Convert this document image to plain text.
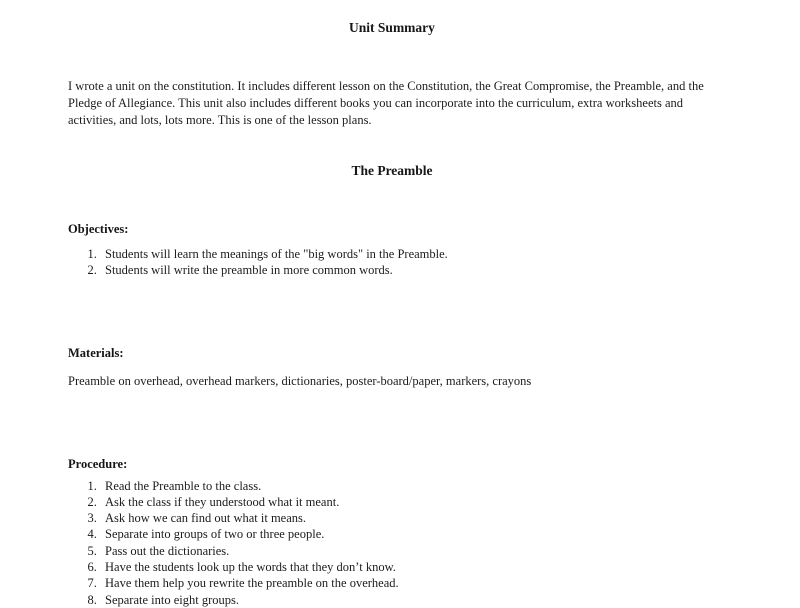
Unit Summary

I wrote a unit on the constitution. It includes different lesson on the Constitution, the Great Compromise, the Preamble, and the Pledge of Allegiance. This unit also includes different books you can incorporate into the curriculum, extra worksheets and activities, and lots, lots more. This is one of the lesson plans.

The Preamble
Objectives:
1. Students will learn the meanings of the "big words" in the Preamble.
2. Students will write the preamble in more common words.
Materials:

Preamble on overhead, overhead markers, dictionaries, poster-board/paper, markers, crayons

Procedure:
1. Read the Preamble to the class.
2. Ask the class if they understood what it meant.
3. Ask how we can find out what it means.
4. Separate into groups of two or three people.
5. Pass out the dictionaries.
6. Have the students look up the words that they don’t know.
7. Have them help you rewrite the preamble on the overhead.
8. Separate into eight groups.
